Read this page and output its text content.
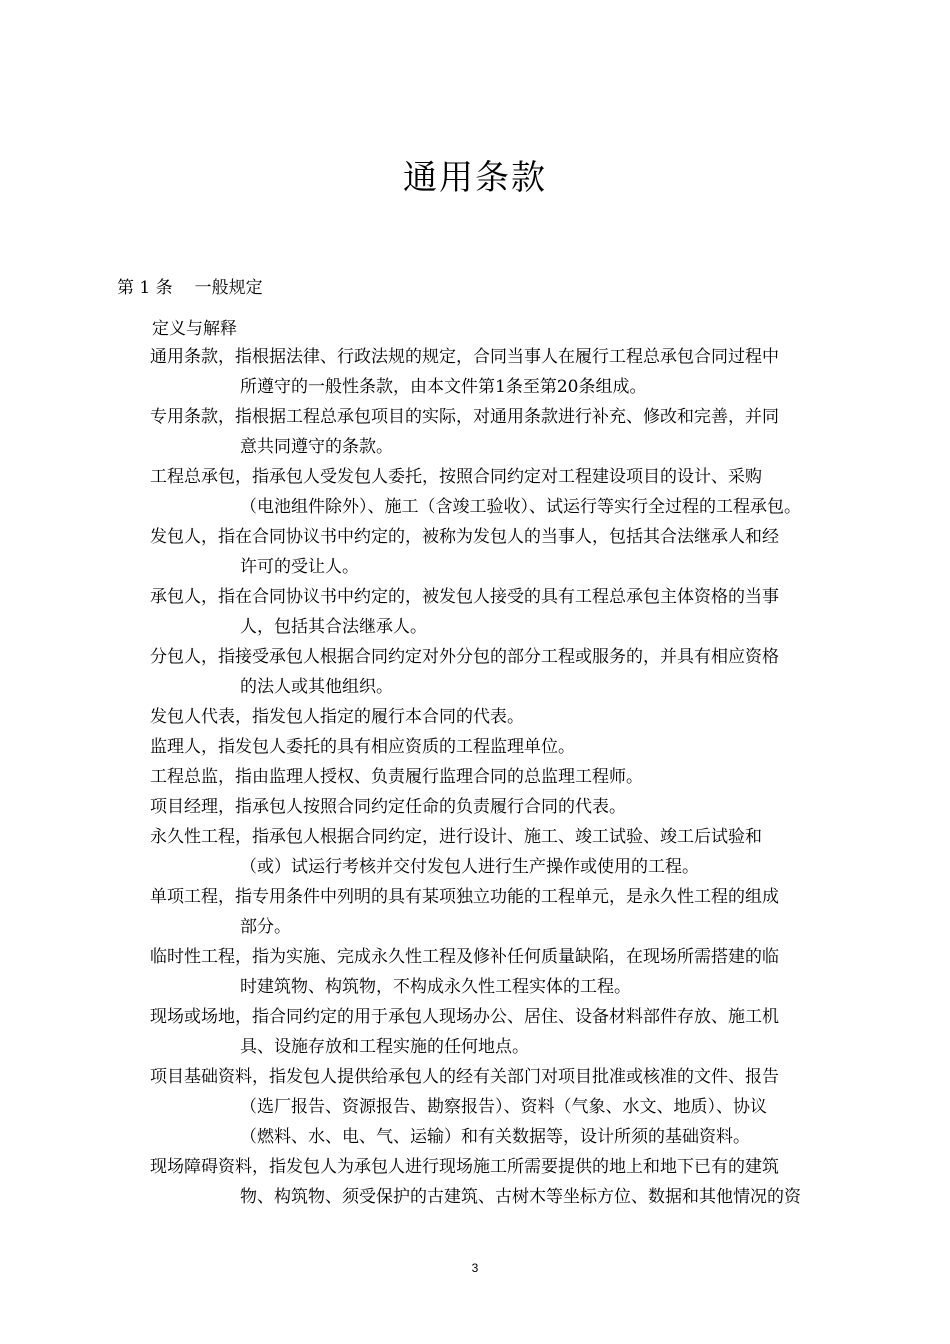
通用条款
第 1 条 一般规定
定义与解释
通用条款，指根据法律、行政法规的规定，合同当事人在履行工程总承包合同过程中
所遵守的一般性条款，由本文件第1条至第20条组成。
专用条款，指根据工程总承包项目的实际，对通用条款进行补充、修改和完善，并同
意共同遵守的条款。
工程总承包，指承包人受发包人委托，按照合同约定对工程建设项目的设计、采购
（电池组件除外）、施工（含竣工验收）、试运行等实行全过程的工程承包。
发包人，指在合同协议书中约定的，被称为发包人的当事人，包括其合法继承人和经
许可的受让人。
承包人，指在合同协议书中约定的，被发包人接受的具有工程总承包主体资格的当事
人，包括其合法继承人。
分包人，指接受承包人根据合同约定对外分包的部分工程或服务的，并具有相应资格
的法人或其他组织。
发包人代表，指发包人指定的履行本合同的代表。
监理人，指发包人委托的具有相应资质的工程监理单位。
工程总监，指由监理人授权、负责履行监理合同的总监理工程师。
项目经理，指承包人按照合同约定任命的负责履行合同的代表。
永久性工程，指承包人根据合同约定，进行设计、施工、竣工试验、竣工后试验和
（或）试运行考核并交付发包人进行生产操作或使用的工程。
单项工程，指专用条件中列明的具有某项独立功能的工程单元，是永久性工程的组成
部分。
临时性工程，指为实施、完成永久性工程及修补任何质量缺陷，在现场所需搭建的临
时建筑物、构筑物，不构成永久性工程实体的工程。
现场或场地，指合同约定的用于承包人现场办公、居住、设备材料部件存放、施工机
具、设施存放和工程实施的任何地点。
项目基础资料，指发包人提供给承包人的经有关部门对项目批准或核准的文件、报告
（选厂报告、资源报告、勘察报告）、资料（气象、水文、地质）、协议
（燃料、水、电、气、运输）和有关数据等，设计所须的基础资料。
现场障碍资料，指发包人为承包人进行现场施工所需要提供的地上和地下已有的建筑
物、构筑物、须受保护的古建筑、古树木等坐标方位、数据和其他情况的资
3
